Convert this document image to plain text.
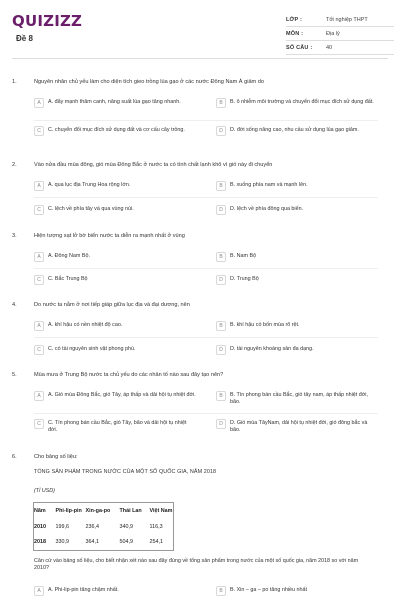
QUIZIZZ
Đề 8
LỚP :	Tốt nghiệp THPT
MÔN :	Địa lý
SỐ CÂU :	40
1.	Nguyên nhân chủ yếu làm cho diện tích gieo trồng lúa gạo ở các nước Đông Nam Á giảm do
A	A. đẩy mạnh thâm canh, năng suất lúa gạo tăng nhanh.	B	B. ô nhiễm môi trường và chuyển đổi mục đích sử dụng đất.
C	C. chuyển đổi mục đích sử dụng đất và cơ cấu cây trồng.	D	D. đời sống nâng cao, nhu cầu sử dụng lúa gạo giảm.
2.	Vào nửa đầu mùa đông, gió mùa Đông Bắc ở nước ta có tính chất lạnh khô vì gió này đi chuyển
A	A. qua lục địa Trung Hoa rộng lớn.	B	B. xuống phía nam và mạnh lên.
C	C. lệch về phía tây và qua vùng núi.	D	D. lệch về phía đông qua biển.
3.	Hiện tượng sạt lở bờ biển nước ta diễn ra mạnh nhất ở vùng
A	A. Đông Nam Bộ.	B	B. Nam Bộ
C	C. Bắc Trung Bộ	D	D. Trung Bộ
4.	Do nước ta nằm ở nơi tiếp giáp giữa lục địa và đại dương, nên
A	A. khí hậu có nền nhiệt độ cao.	B	B. khí hậu có bốn mùa rõ rệt.
C	C. có tài nguyên sinh vật phong phú.	D	D. tài nguyên khoáng sản đa dạng.
5.	Mùa mưa ở Trung Bộ nước ta chủ yếu do các nhân tố nào sau đây tạo nên?
A	A. Gió mùa Đông Bắc, gió Tây, áp thấp và dải hội tụ nhiệt đới.	B	B. Tín phong bán cầu Bắc, gió tây nam, áp thấp nhiệt đới, bão.
C	C. Tín phong bán cầu Bắc, gió Tây, bão và dải hội tụ nhiệt đới.
D	D. Gió mùa TâyNam, dải hội tụ nhiệt đới, gió đông bắc và bão.
6.	Cho bảng số liệu:
TỔNG SẢN PHẨM TRONG NƯỚC CỦA MỘT SỐ QUỐC GIA, NĂM 2018
(Tỉ USD)
Năm	Phi-lip-pin	Xin-ga-po	Thái Lan	Việt Nam
2010	199,6	236,4	340,9	116,3
2018	330,9	364,1	504,9	254,1
Căn cứ vào bảng số liệu, cho biết nhận xét nào sau đây đúng về tổng sản phẩm trong nước của một số quốc gia, năm 2018 so với năm 2010?
A	A. Phi-lip-pin tăng chậm nhất.	B	B. Xin – ga – po tăng nhiều nhất
